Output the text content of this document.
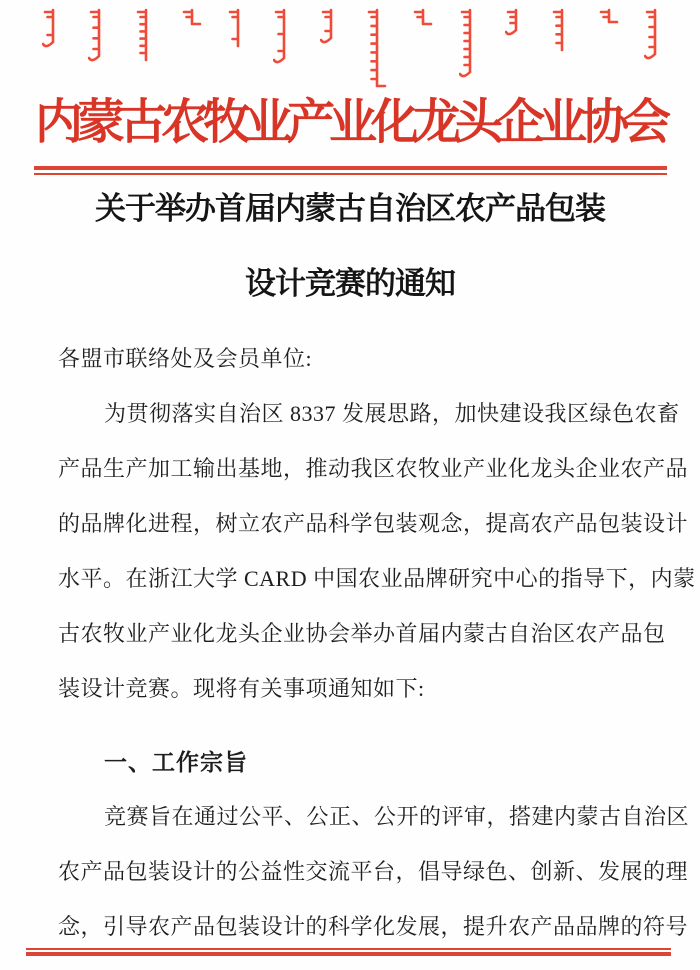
内蒙古农牧业产业化龙头企业协会
关于举办首届内蒙古自治区农产品包装
设计竞赛的通知
各盟市联络处及会员单位:
为贯彻落实自治区 8337 发展思路，加快建设我区绿色农畜
产品生产加工输出基地，推动我区农牧业产业化龙头企业农产品
的品牌化进程，树立农产品科学包装观念，提高农产品包装设计
水平。在浙江大学 CARD 中国农业品牌研究中心的指导下，内蒙
古农牧业产业化龙头企业协会举办首届内蒙古自治区农产品包
装设计竞赛。现将有关事项通知如下:
一、工作宗旨
竞赛旨在通过公平、公正、公开的评审，搭建内蒙古自治区
农产品包装设计的公益性交流平台，倡导绿色、创新、发展的理
念，引导农产品包装设计的科学化发展，提升农产品品牌的符号
